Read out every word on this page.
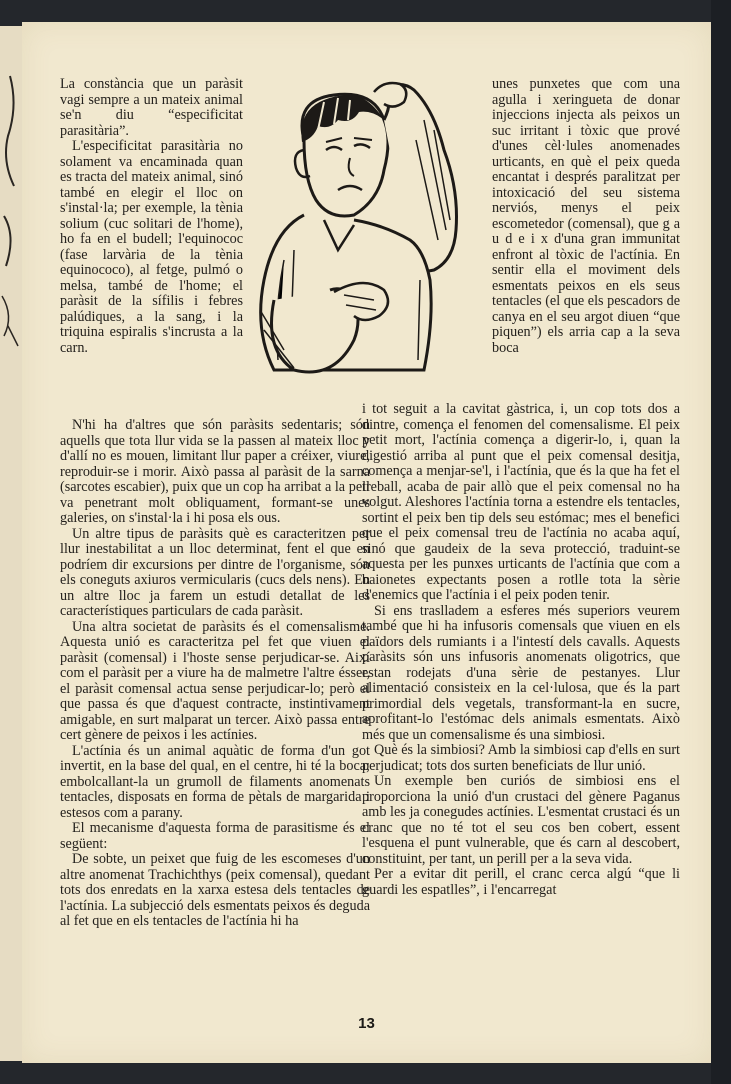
La constància que un paràsit vagi sempre a un mateix animal se'n diu “especificitat parasitària”.

L'especificitat parasitària no solament va encaminada quan es tracta del mateix animal, sinó també en elegir el lloc on s'instal·la; per exemple, la tènia solium (cuc solitari de l'home), ho fa en el budell; l'equinococ (fase larvària de la tènia equinococo), al fetge, pulmó o melsa, també de l'home; el paràsit de la sífilis i febres palúdiques, a la sang, i la triquina espiralis s'incrusta a la carn.

N'hi ha d'altres que són paràsits sedentaris; són aquells que tota llur vida se la passen al mateix lloc y d'allí no es mouen, limitant llur paper a créixer, viure, reproduir-se i morir. Això passa al paràsit de la sarna (sarcotes escabier), puix que un cop ha arribat a la pell va penetrant molt obliquament, formant-se unes galeries, on s'instal·la i hi posa els ous.

Un altre tipus de paràsits què es caracteritzen per llur inestabilitat a un lloc determinat, fent el que en podríem dir excursions per dintre de l'organisme, són els coneguts axiuros vermicularis (cucs dels nens). En un altre lloc ja farem un estudi detallat de les característiques particulars de cada paràsit.

Una altra societat de paràsits és el comensalisme. Aquesta unió es caracteritza pel fet que viuen el paràsit (comensal) i l'hoste sense perjudicar-se. Així com el paràsit per a viure ha de malmetre l'altre ésser, el paràsit comensal actua sense perjudicar-lo; però el que passa és que d'aquest contracte, instintivament amigable, en surt malparat un tercer. Això passa entre cert gènere de peixos i les actínies.

L'actínia és un animal aquàtic de forma d'un got invertit, en la base del qual, en el centre, hi té la boca; embolcallant-la un grumoll de filaments anomenats tentacles, disposats en forma de pètals de margarida i estesos com a parany.

El mecanisme d'aquesta forma de parasitisme és el següent:

De sobte, un peixet que fuig de les escomeses d'un altre anomenat Trachichthys (peix comensal), quedant tots dos enredats en la xarxa estesa dels tentacles de l'actínia. La subjecció dels esmentats peixos és deguda al fet que en els tentacles de l'actínia hi ha

unes punxetes que com una agulla i xeringueta de donar injeccions injecta als peixos un suc irritant i tòxic que prové d'unes cèl·lules anomenades urticants, en què el peix queda encantat i després paralitzat per intoxicació del seu sistema nerviós, menys el peix escometedor (comensal), que g a u d e i x d'una gran immunitat enfront al tòxic de l'actínia. En sentir ella el moviment dels esmentats peixos en els seus tentacles (el que els pescadors de canya en el seu argot diuen “que piquen”) els arria cap a la seva boca

i tot seguit a la cavitat gàstrica, i, un cop tots dos a dintre, comença el fenomen del comensalisme. El peix petit mort, l'actínia comença a digerir-lo, i, quan la digestió arriba al punt que el peix comensal desitja, comença a menjar-se'l, i l'actínia, que és la que ha fet el treball, acaba de pair allò que el peix comensal no ha volgut. Aleshores l'actínia torna a estendre els tentacles, sortint el peix ben tip dels seu estómac; mes el benefici que el peix comensal treu de l'actínia no acaba aquí, sinó que gaudeix de la seva protecció, traduint-se aquesta per les punxes urticants de l'actínia que com a baionetes expectants posen a rotlle tota la sèrie d'enemics que l'actínia i el peix poden tenir.

Si ens traslladem a esferes més superiors veurem també que hi ha infusoris comensals que viuen en els païdors dels rumiants i a l'intestí dels cavalls. Aquests paràsits són uns infusoris anomenats oligotrics, que estan rodejats d'una sèrie de pestanyes. Llur alimentació consisteix en la cel·lulosa, que és la part primordial dels vegetals, transformant-la en sucre, aprofitant-lo l'estómac dels animals esmentats. Això més que un comensalisme és una simbiosi.

Què és la simbiosi? Amb la simbiosi cap d'ells en surt perjudicat; tots dos surten beneficiats de llur unió.

Un exemple ben curiós de simbiosi ens el proporciona la unió d'un crustaci del gènere Paganus amb les ja conegudes actínies. L'esmentat crustaci és un cranc que no té tot el seu cos ben cobert, essent l'esquena el punt vulnerable, que és carn al descobert, constituint, per tant, un perill per a la seva vida.

Per a evitar dit perill, el cranc cerca algú “que li guardi les espatlles”, i l'encarregat

13
